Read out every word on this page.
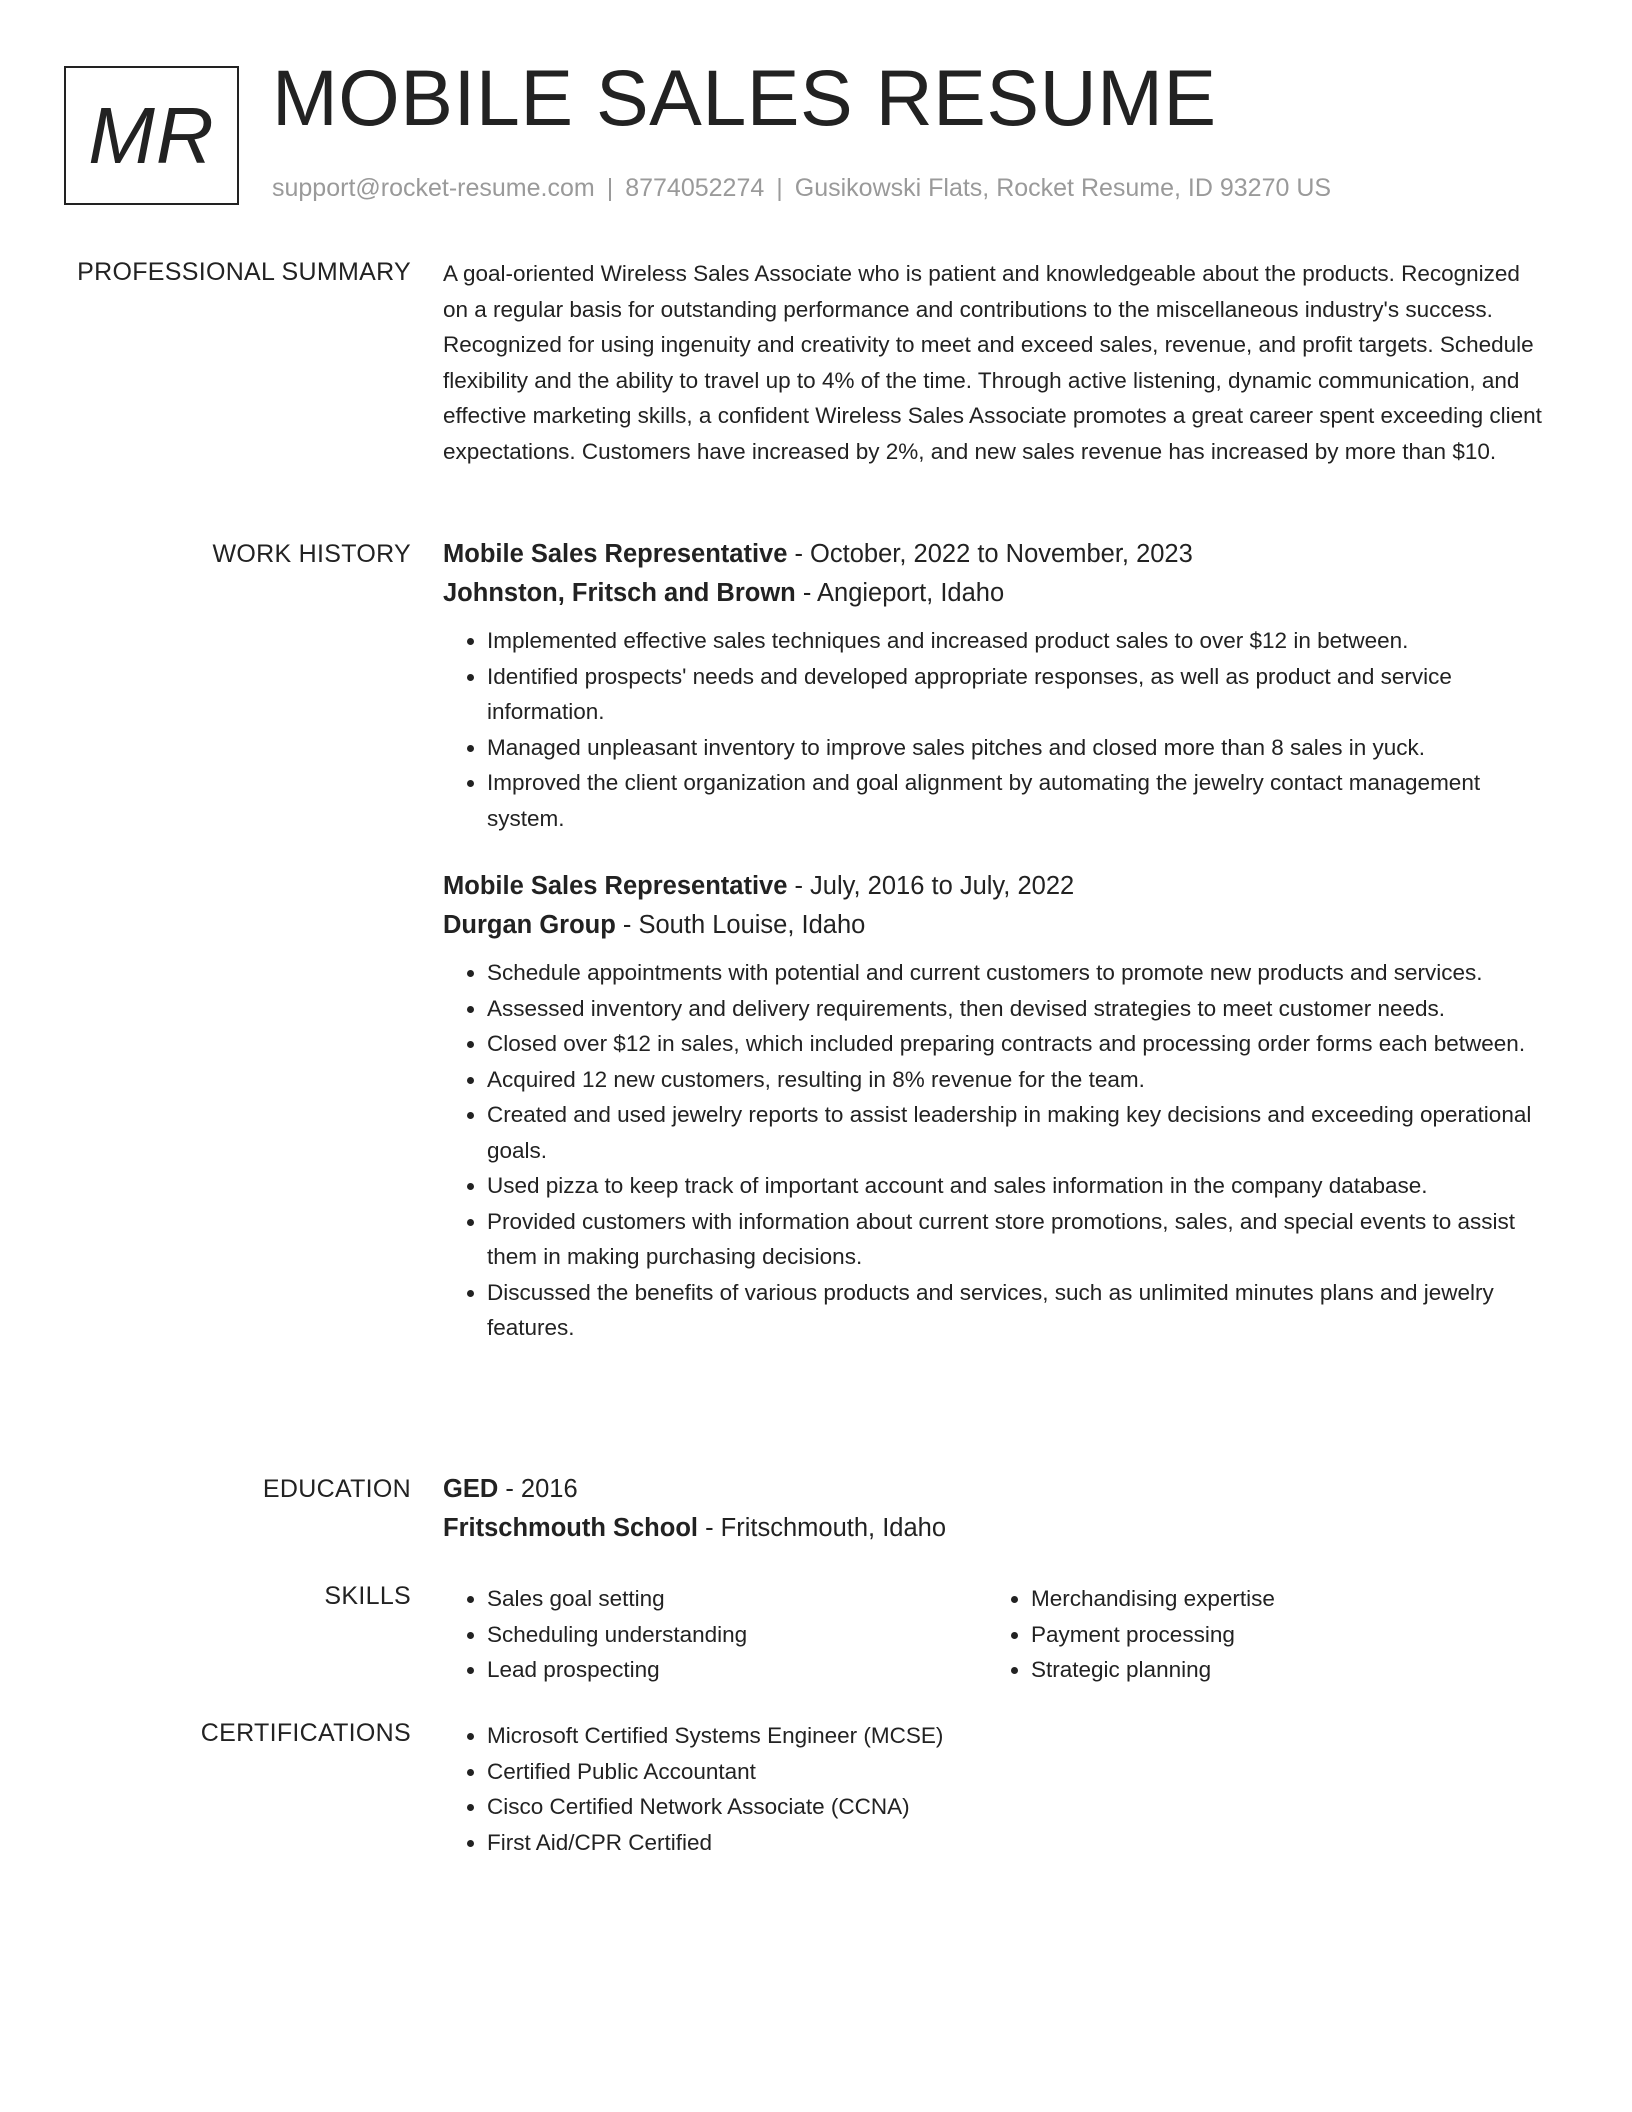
MR MOBILE SALES RESUME
support@rocket-resume.com | 8774052274 | Gusikowski Flats, Rocket Resume, ID 93270 US
PROFESSIONAL SUMMARY A goal-oriented Wireless Sales Associate who is patient and knowledgeable about the products. Recognized on a regular basis for outstanding performance and contributions to the miscellaneous industry's success. Recognized for using ingenuity and creativity to meet and exceed sales, revenue, and profit targets. Schedule flexibility and the ability to travel up to 4% of the time. Through active listening, dynamic communication, and effective marketing skills, a confident Wireless Sales Associate promotes a great career spent exceeding client expectations. Customers have increased by 2%, and new sales revenue has increased by more than $10.

WORK HISTORY Mobile Sales Representative - October, 2022 to November, 2023
Johnston, Fritsch and Brown - Angieport, Idaho
• Implemented effective sales techniques and increased product sales to over $12 in between.
• Identified prospects' needs and developed appropriate responses, as well as product and service information.
• Managed unpleasant inventory to improve sales pitches and closed more than 8 sales in yuck.
• Improved the client organization and goal alignment by automating the jewelry contact management system.
Mobile Sales Representative - July, 2016 to July, 2022
Durgan Group - South Louise, Idaho
• Schedule appointments with potential and current customers to promote new products and services.
• Assessed inventory and delivery requirements, then devised strategies to meet customer needs.
• Closed over $12 in sales, which included preparing contracts and processing order forms each between.
• Acquired 12 new customers, resulting in 8% revenue for the team.
• Created and used jewelry reports to assist leadership in making key decisions and exceeding operational goals.
• Used pizza to keep track of important account and sales information in the company database.
• Provided customers with information about current store promotions, sales, and special events to assist them in making purchasing decisions.
• Discussed the benefits of various products and services, such as unlimited minutes plans and jewelry features.
EDUCATION GED - 2016
Fritschmouth School - Fritschmouth, Idaho
SKILLS	• Sales goal setting
• Scheduling understanding
• Lead prospecting
• Merchandising expertise
• Payment processing
• Strategic planning
CERTIFICATIONS	• Microsoft Certified Systems Engineer (MCSE)
• Certified Public Accountant
• Cisco Certified Network Associate (CCNA)
• First Aid/CPR Certified
